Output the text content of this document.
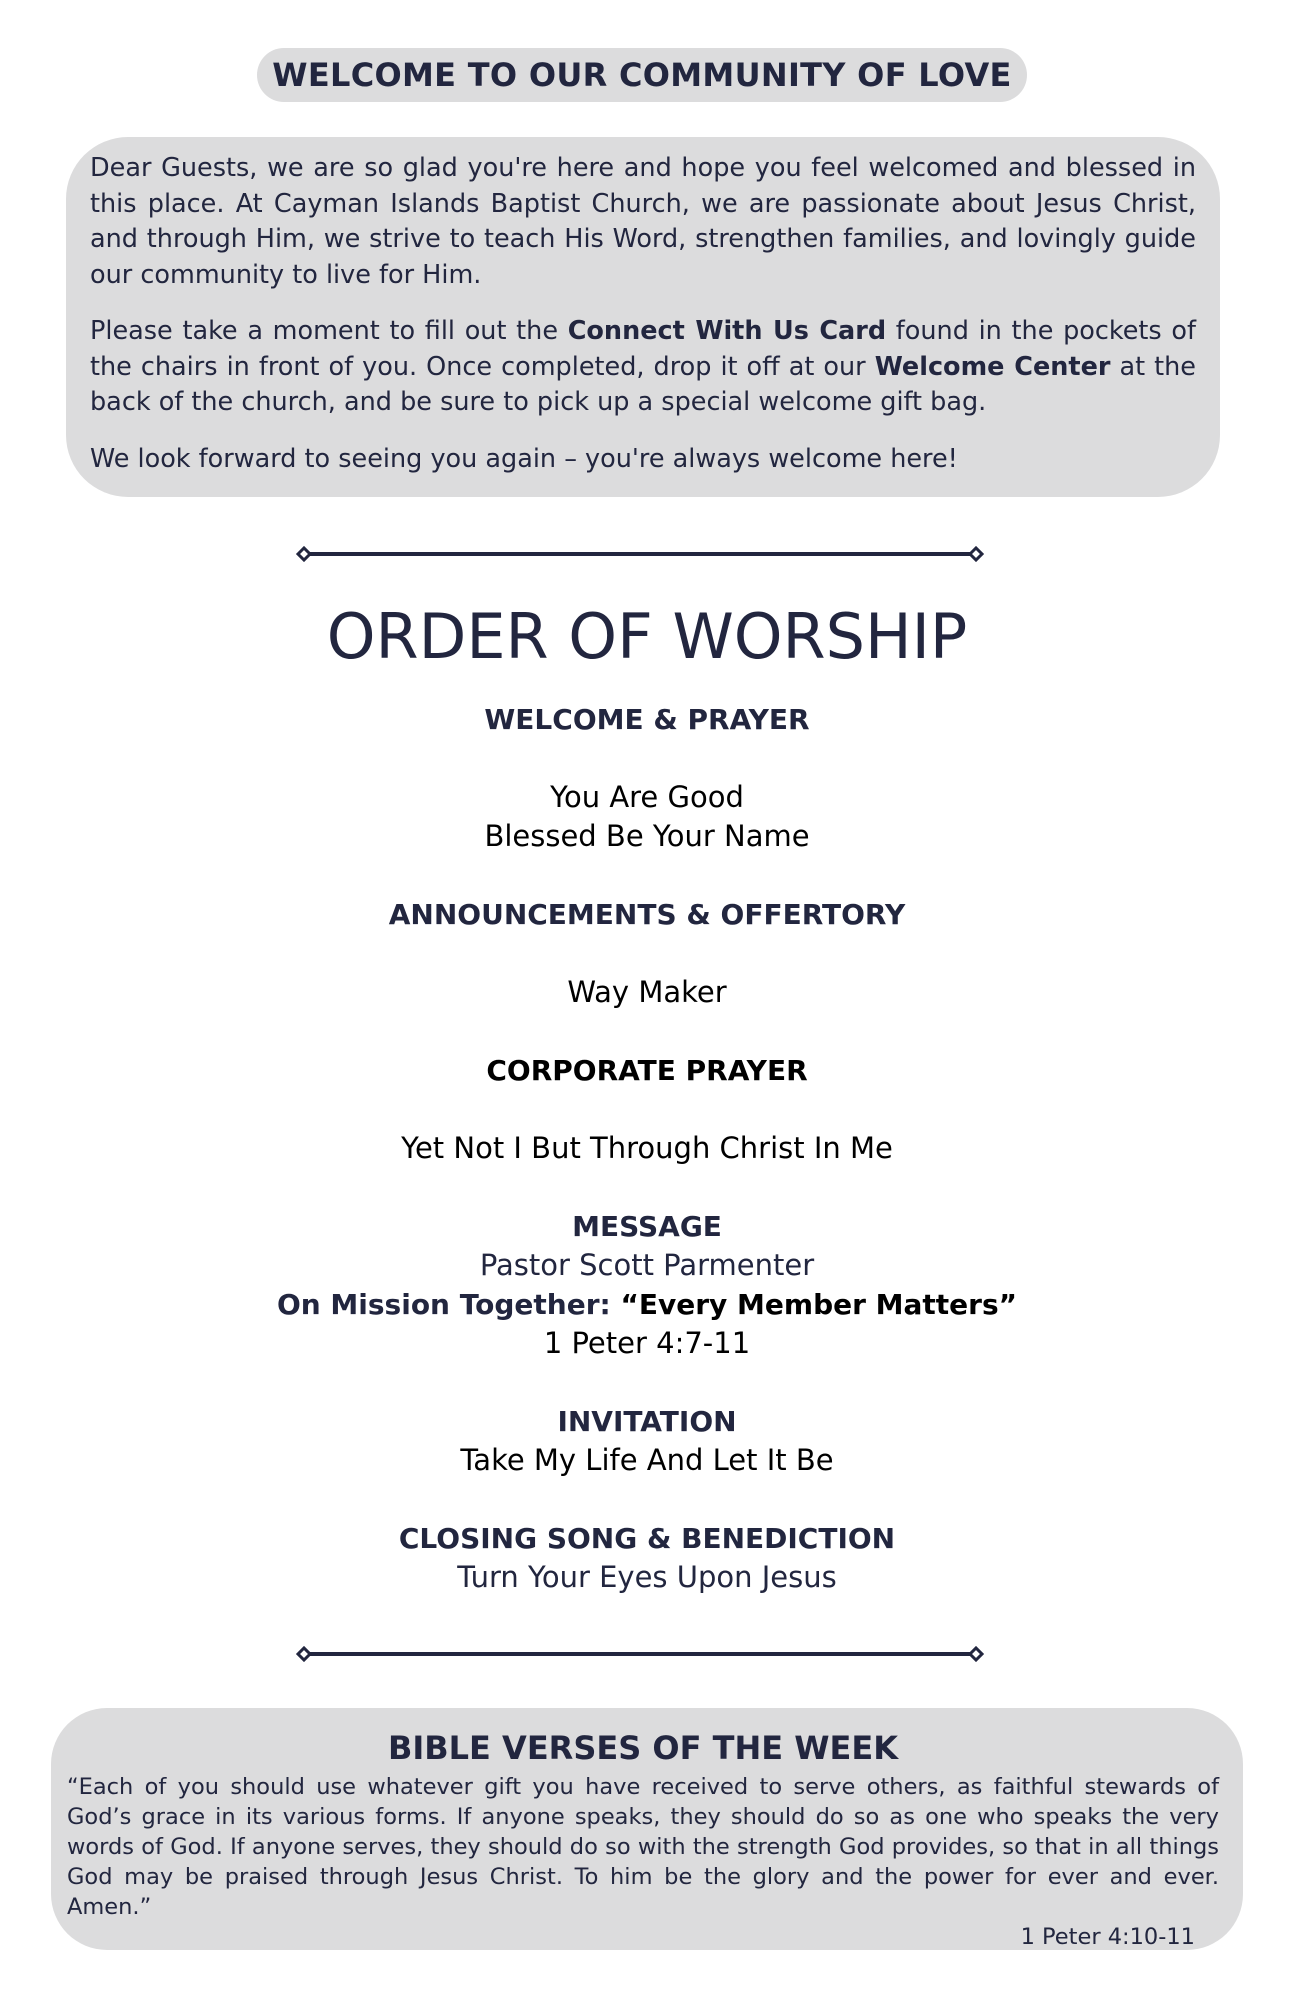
WELCOME TO OUR COMMUNITY OF LOVE

Dear Guests, we are so glad you're here and hope you feel welcomed and blessed in this place. At Cayman Islands Baptist Church, we are passionate about Jesus Christ, and through Him, we strive to teach His Word, strengthen families, and lovingly guide our community to live for Him.

Please take a moment to fill out the Connect With Us Card found in the pockets of the chairs in front of you. Once completed, drop it off at our Welcome Center at the back of the church, and be sure to pick up a special welcome gift bag.

We look forward to seeing you again – you're always welcome here!

ORDER OF WORSHIP
WELCOME & PRAYER
You Are Good
Blessed Be Your Name
ANNOUNCEMENTS & OFFERTORY
Way Maker
CORPORATE PRAYER
Yet Not I But Through Christ In Me
MESSAGE
Pastor Scott Parmenter
On Mission Together: “Every Member Matters”
1 Peter 4:7-11
INVITATION
Take My Life And Let It Be
CLOSING SONG & BENEDICTION
Turn Your Eyes Upon Jesus
BIBLE VERSES OF THE WEEK
“Each of you should use whatever gift you have received to serve others, as faithful stewards of God’s grace in its various forms. If anyone speaks, they should do so as one who speaks the very words of God. If anyone serves, they should do so with the strength God provides, so that in all things God may be praised through Jesus Christ. To him be the glory and the power for ever and ever. Amen.”
1 Peter 4:10-11
